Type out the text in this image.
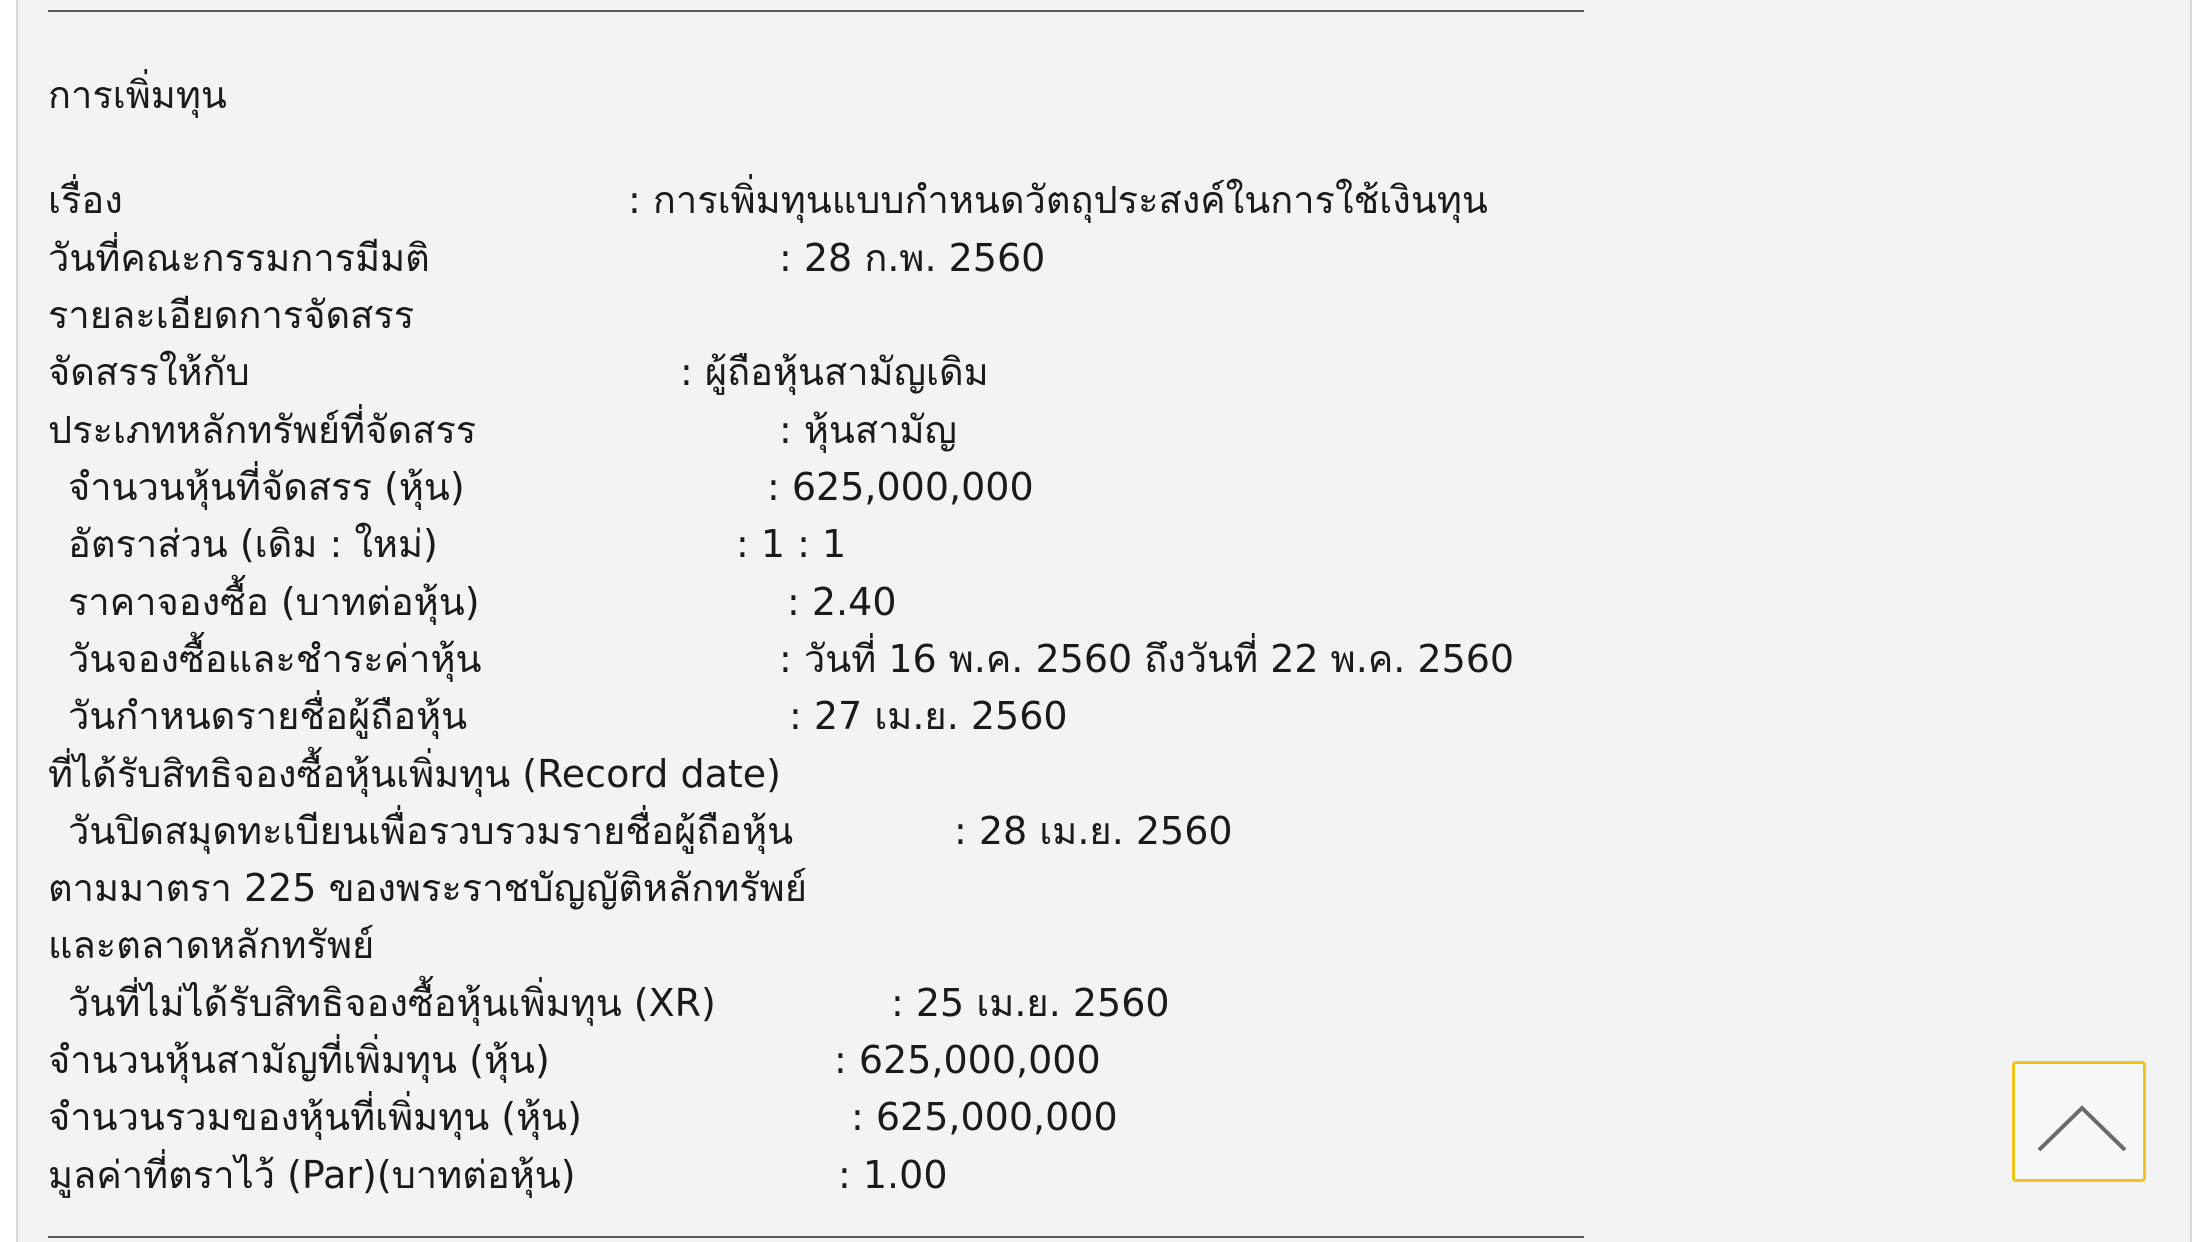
การเพิ่มทุน
เรื่อง	: การเพิ่มทุนแบบกำหนดวัตถุประสงค์ในการใช้เงินทุน
วันที่คณะกรรมการมีมติ	: 28 ก.พ. 2560
รายละเอียดการจัดสรร
จัดสรรให้กับ	: ผู้ถือหุ้นสามัญเดิม
ประเภทหลักทรัพย์ที่จัดสรร	: หุ้นสามัญ
จำนวนหุ้นที่จัดสรร (หุ้น)	: 625,000,000
อัตราส่วน (เดิม : ใหม่)	: 1 : 1
ราคาจองซื้อ (บาทต่อหุ้น)	: 2.40
วันจองซื้อและชำระค่าหุ้น	: วันที่ 16 พ.ค. 2560 ถึงวันที่ 22 พ.ค. 2560
วันกำหนดรายชื่อผู้ถือหุ้น	: 27 เม.ย. 2560
ที่ได้รับสิทธิจองซื้อหุ้นเพิ่มทุน (Record date)
วันปิดสมุดทะเบียนเพื่อรวบรวมรายชื่อผู้ถือหุ้น	: 28 เม.ย. 2560
ตามมาตรา 225 ของพระราชบัญญัติหลักทรัพย์
และตลาดหลักทรัพย์
วันที่ไม่ได้รับสิทธิจองซื้อหุ้นเพิ่มทุน (XR)	: 25 เม.ย. 2560
จำนวนหุ้นสามัญที่เพิ่มทุน (หุ้น)	: 625,000,000
จำนวนรวมของหุ้นที่เพิ่มทุน (หุ้น)	: 625,000,000
มูลค่าที่ตราไว้ (Par)(บาทต่อหุ้น)	: 1.00
